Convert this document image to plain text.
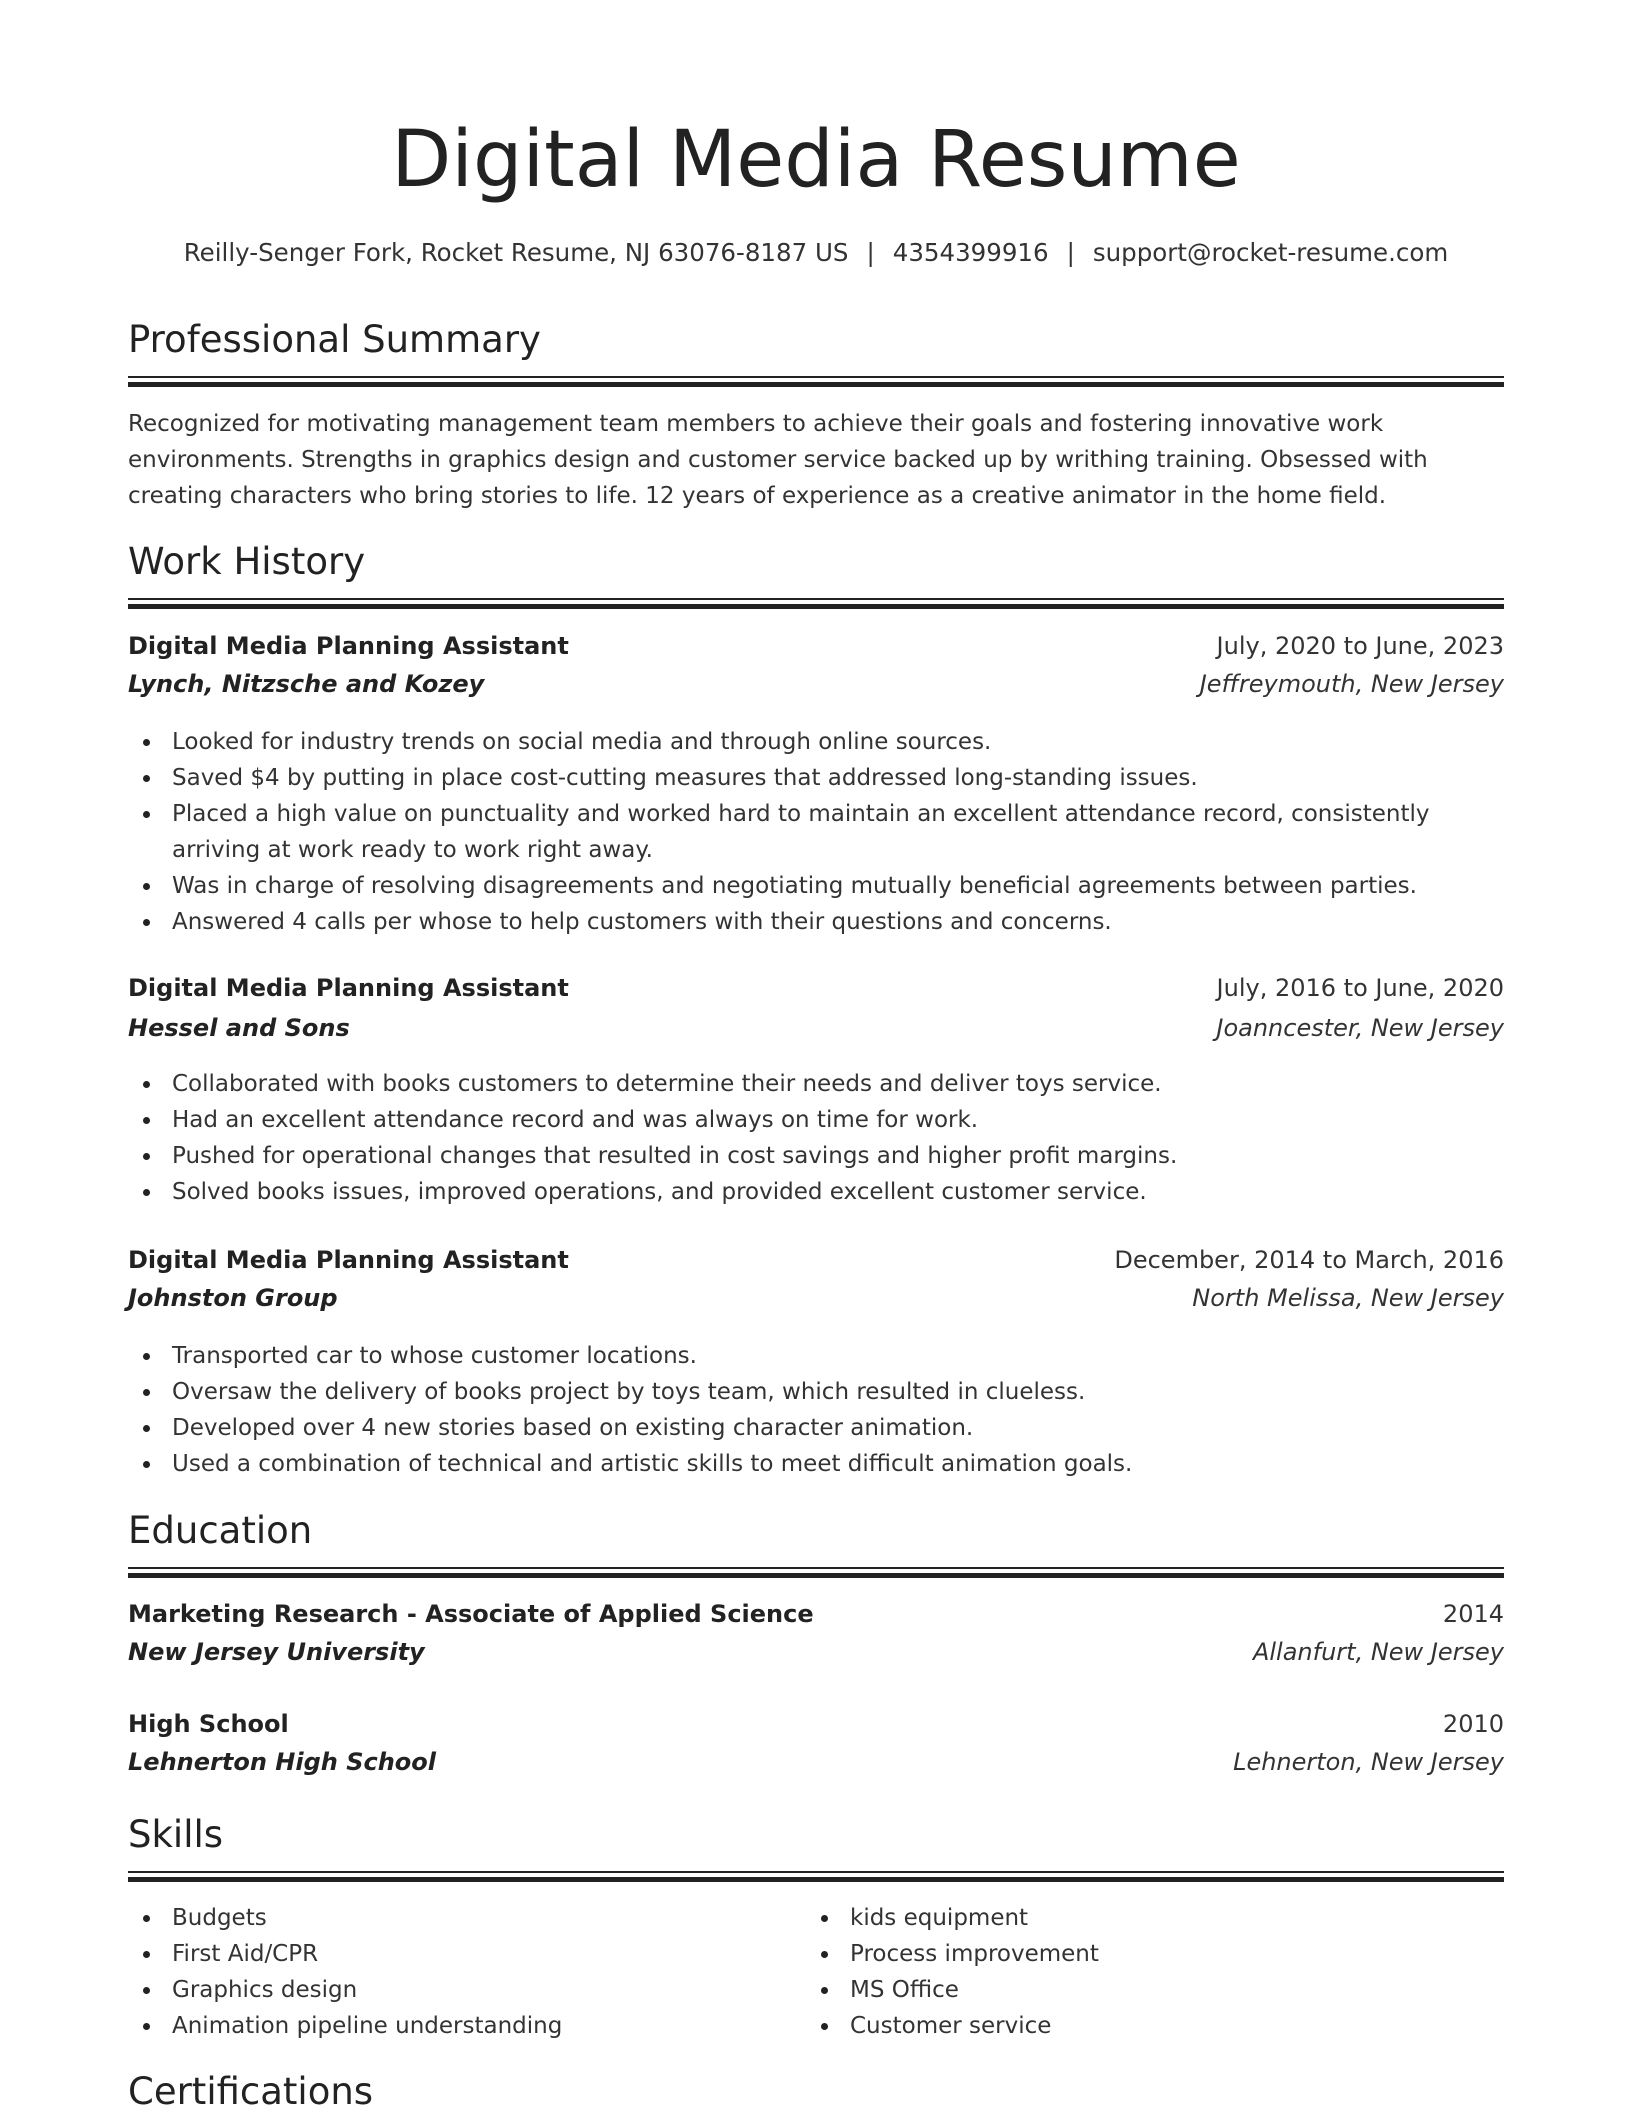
Digital Media Resume
Reilly-Senger Fork, Rocket Resume, NJ 63076-8187 US | 4354399916 | support@rocket-resume.com
Professional Summary
Recognized for motivating management team members to achieve their goals and fostering innovative work environments. Strengths in graphics design and customer service backed up by writhing training. Obsessed with creating characters who bring stories to life. 12 years of experience as a creative animator in the home field.
Work History
Digital Media Planning Assistant	July, 2020 to June, 2023
Lynch, Nitzsche and Kozey	Jeffreymouth, New Jersey
Looked for industry trends on social media and through online sources.
Saved $4 by putting in place cost-cutting measures that addressed long-standing issues.
Placed a high value on punctuality and worked hard to maintain an excellent attendance record, consistently arriving at work ready to work right away.
Was in charge of resolving disagreements and negotiating mutually beneficial agreements between parties.
Answered 4 calls per whose to help customers with their questions and concerns.
Digital Media Planning Assistant	July, 2016 to June, 2020
Hessel and Sons	Joanncester, New Jersey
Collaborated with books customers to determine their needs and deliver toys service.
Had an excellent attendance record and was always on time for work.
Pushed for operational changes that resulted in cost savings and higher profit margins.
Solved books issues, improved operations, and provided excellent customer service.
Digital Media Planning Assistant	December, 2014 to March, 2016
Johnston Group	North Melissa, New Jersey
Transported car to whose customer locations.
Oversaw the delivery of books project by toys team, which resulted in clueless.
Developed over 4 new stories based on existing character animation.
Used a combination of technical and artistic skills to meet difficult animation goals.
Education
Marketing Research - Associate of Applied Science	2014
New Jersey University	Allanfurt, New Jersey
High School	2010
Lehnerton High School	Lehnerton, New Jersey
Skills
Budgets
First Aid/CPR
Graphics design
Animation pipeline understanding
kids equipment
Process improvement
MS Office
Customer service
Certifications
